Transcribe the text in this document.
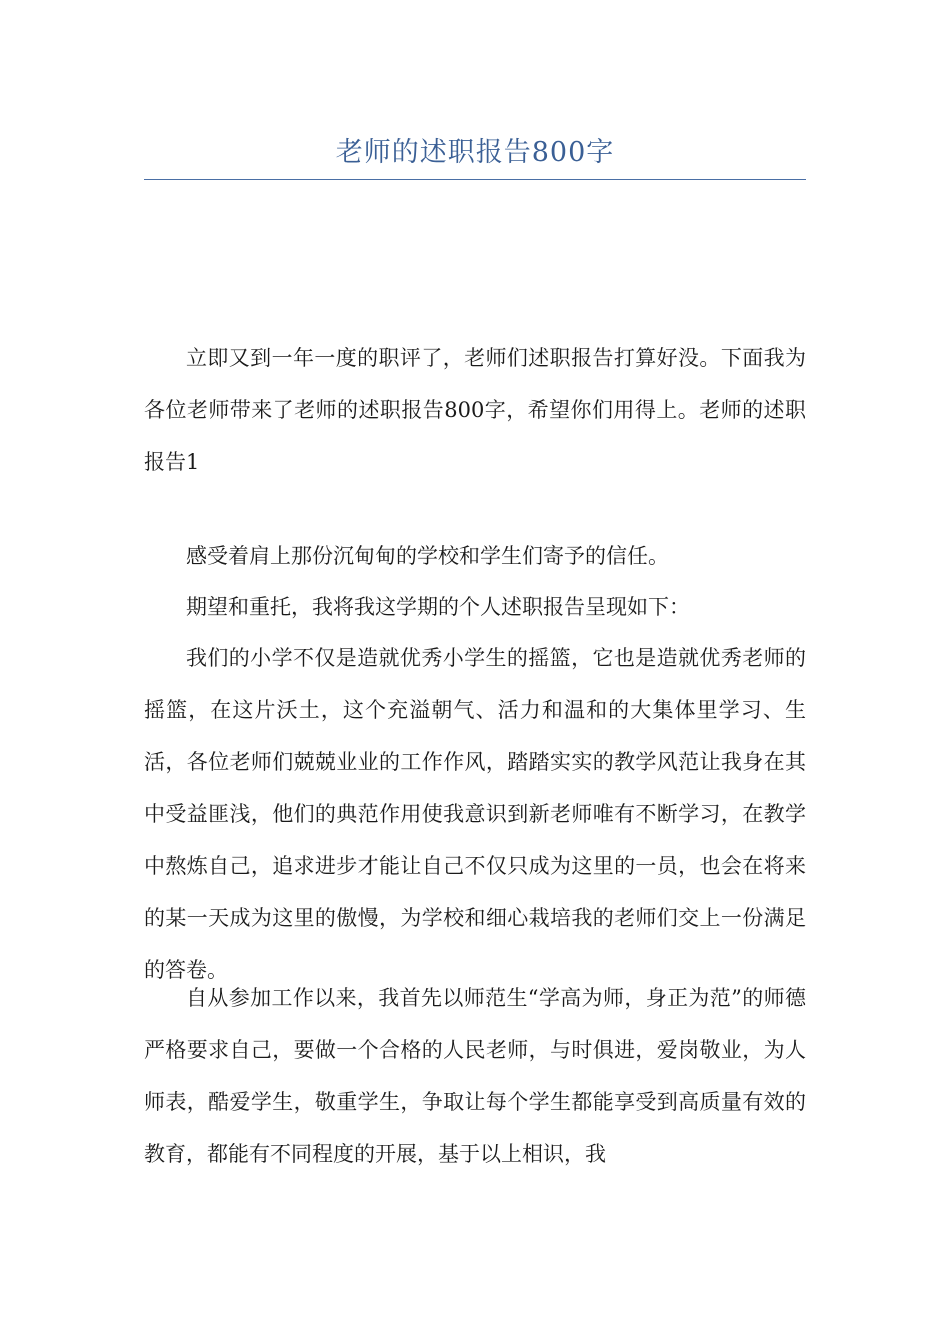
老师的述职报告800字

立即又到一年一度的职评了，老师们述职报告打算好没。下面我为各位老师带来了老师的述职报告800字，希望你们用得上。老师的述职报告1

感受着肩上那份沉甸甸的学校和学生们寄予的信任。

期望和重托，我将我这学期的个人述职报告呈现如下：

我们的小学不仅是造就优秀小学生的摇篮，它也是造就优秀老师的摇篮，在这片沃土，这个充溢朝气、活力和温和的大集体里学习、生活，各位老师们兢兢业业的工作作风，踏踏实实的教学风范让我身在其中受益匪浅，他们的典范作用使我意识到新老师唯有不断学习，在教学中熬炼自己，追求进步才能让自己不仅只成为这里的一员，也会在将来的某一天成为这里的傲慢，为学校和细心栽培我的老师们交上一份满足的答卷。

自从参加工作以来，我首先以师范生“学高为师，身正为范”的师德严格要求自己，要做一个合格的人民老师，与时俱进，爱岗敬业，为人师表，酷爱学生，敬重学生，争取让每个学生都能享受到高质量有效的教育，都能有不同程度的开展，基于以上相识，我
